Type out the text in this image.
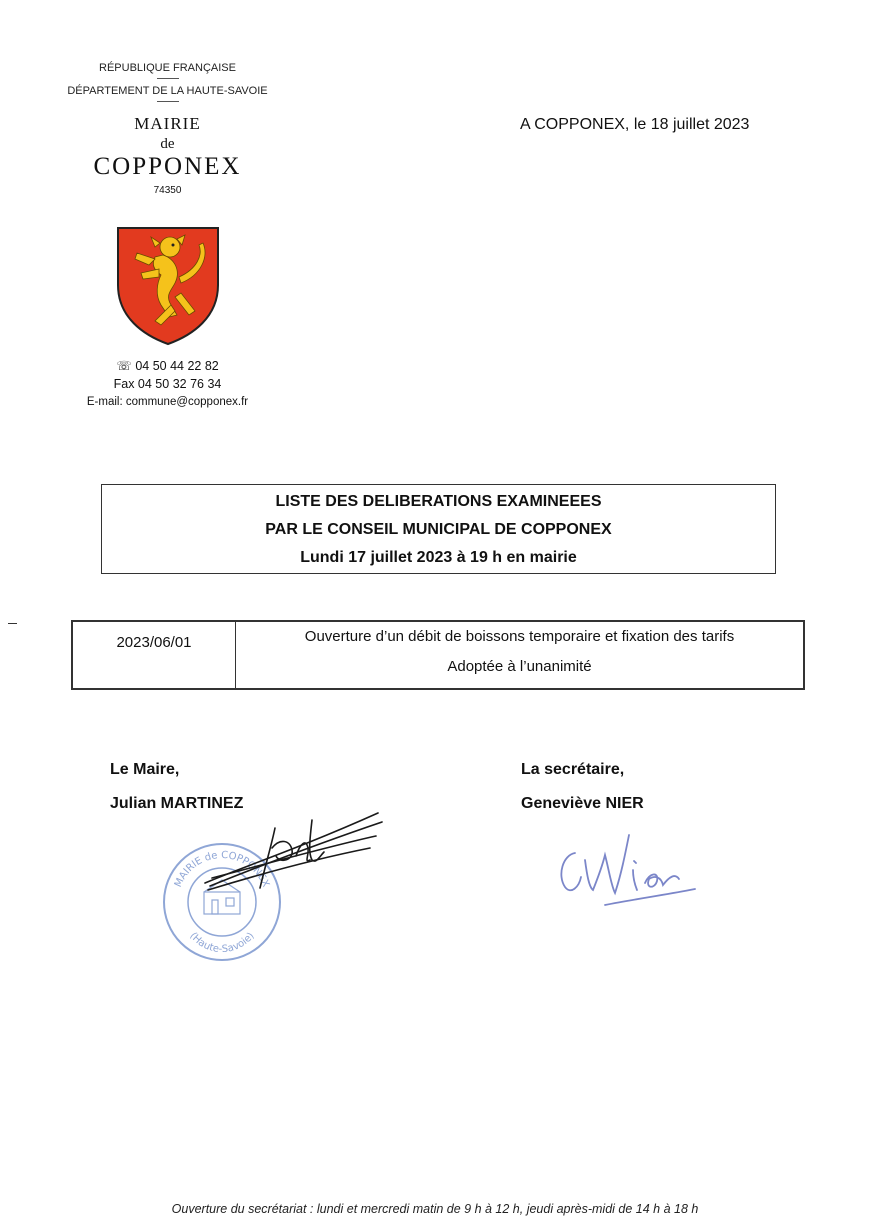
RÉPUBLIQUE FRANÇAISE
DÉPARTEMENT DE LA HAUTE-SAVOIE
MAIRIE
de
COPPONEX
74350
☏ 04 50 44 22 82
Fax 04 50 32 76 34
E-mail: commune@copponex.fr
A COPPONEX, le 18 juillet 2023
LISTE DES DELIBERATIONS EXAMINEEES
PAR LE CONSEIL MUNICIPAL DE COPPONEX
Lundi 17 juillet 2023 à 19 h en mairie
2023/06/01	Ouverture d’un débit de boissons temporaire et fixation des tarifs
Adoptée à l’unanimité
Le Maire,
Julian MARTINEZ
La secrétaire,
Geneviève NIER
MAIRIE de COPPONEX
(Haute-Savoie)
Ouverture du secrétariat : lundi et mercredi matin de 9 h à 12 h, jeudi après-midi de 14 h à 18 h
